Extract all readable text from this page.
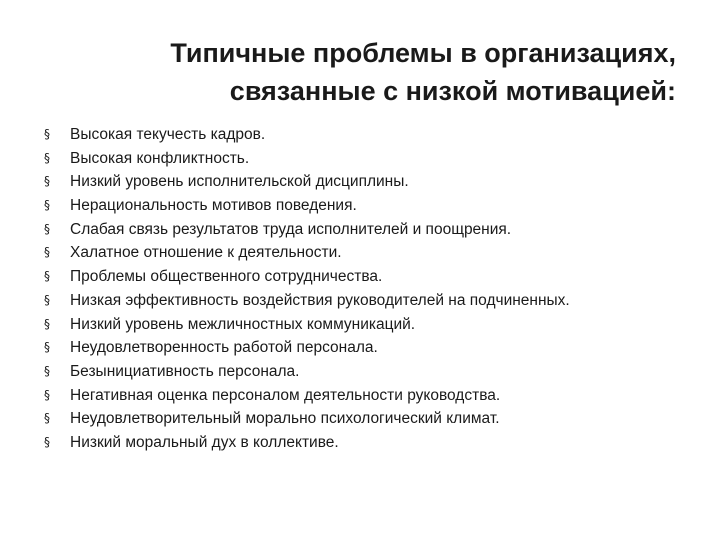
Типичные проблемы в организациях,
связанные с низкой мотивацией:
§ Высокая текучесть кадров.
§ Высокая конфликтность.
§ Низкий уровень исполнительской дисциплины.
§ Нерациональность мотивов поведения.
§ Слабая связь результатов труда исполнителей и поощрения.
§ Халатное отношение к деятельности.
§ Проблемы общественного сотрудничества.
§ Низкая эффективность воздействия руководителей на подчиненных.
§ Низкий уровень межличностных коммуникаций.
§ Неудовлетворенность работой персонала.
§ Безынициативность персонала.
§ Негативная оценка персоналом деятельности руководства.
§ Неудовлетворительный морально психологический климат.
§ Низкий моральный дух в коллективе.
